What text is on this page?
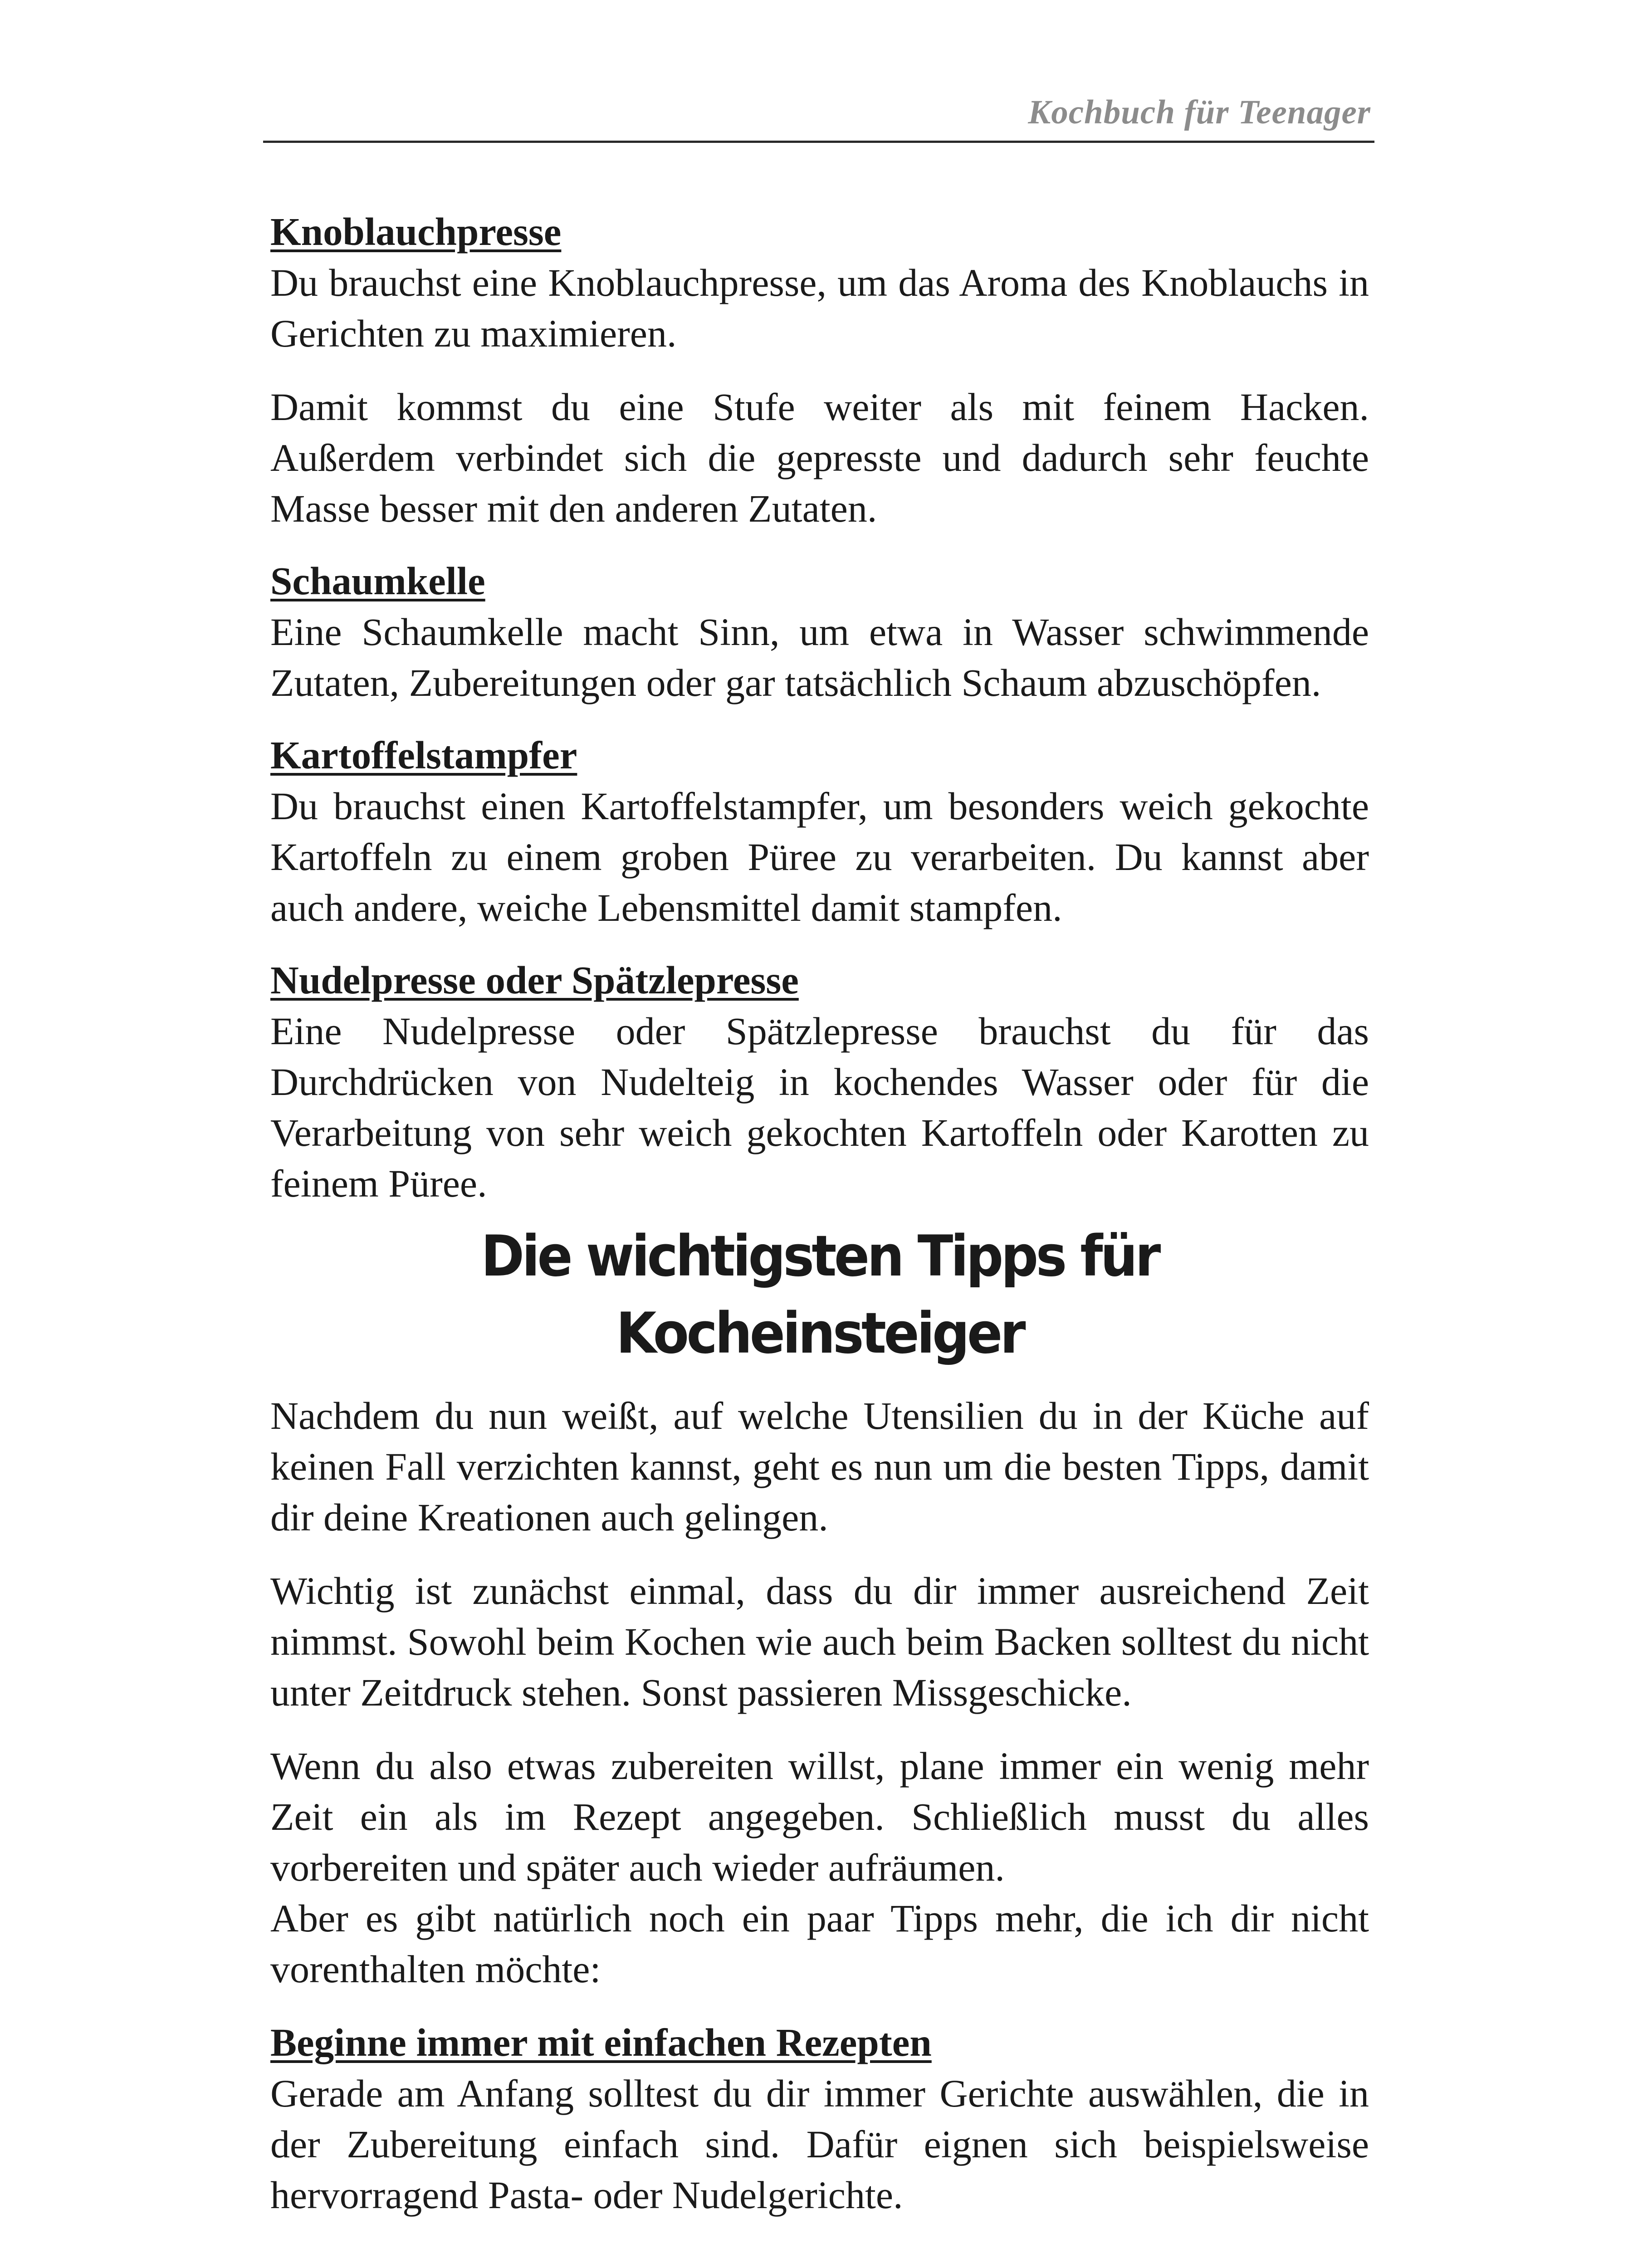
Kochbuch für Teenager
Knoblauchpresse

Du brauchst eine Knoblauchpresse, um das Aroma des Knoblauchs in Gerichten zu maximieren.

Damit kommst du eine Stufe weiter als mit feinem Hacken. Außerdem verbindet sich die gepresste und dadurch sehr feuchte Masse besser mit den anderen Zutaten.

Schaumkelle

Eine Schaumkelle macht Sinn, um etwa in Wasser schwimmende Zutaten, Zubereitungen oder gar tatsächlich Schaum abzuschöpfen.

Kartoffelstampfer

Du brauchst einen Kartoffelstampfer, um besonders weich gekochte Kartoffeln zu einem groben Püree zu verarbeiten. Du kannst aber auch andere, weiche Lebensmittel damit stampfen.

Nudelpresse oder Spätzlepresse

Eine Nudelpresse oder Spätzlepresse brauchst du für das Durchdrücken von Nudelteig in kochendes Wasser oder für die Verarbeitung von sehr weich gekochten Kartoffeln oder Karotten zu feinem Püree.

Die wichtigsten Tipps für Kocheinsteiger

Nachdem du nun weißt, auf welche Utensilien du in der Küche auf keinen Fall verzichten kannst, geht es nun um die besten Tipps, damit dir deine Kreationen auch gelingen.

Wichtig ist zunächst einmal, dass du dir immer ausreichend Zeit nimmst. Sowohl beim Kochen wie auch beim Backen solltest du nicht unter Zeitdruck stehen. Sonst passieren Missgeschicke.

Wenn du also etwas zubereiten willst, plane immer ein wenig mehr Zeit ein als im Rezept angegeben. Schließlich musst du alles vorbereiten und später auch wieder aufräumen.

Aber es gibt natürlich noch ein paar Tipps mehr, die ich dir nicht vorenthalten möchte:

Beginne immer mit einfachen Rezepten

Gerade am Anfang solltest du dir immer Gerichte auswählen, die in der Zubereitung einfach sind. Dafür eignen sich beispielsweise hervorragend Pasta- oder Nudelgerichte.
